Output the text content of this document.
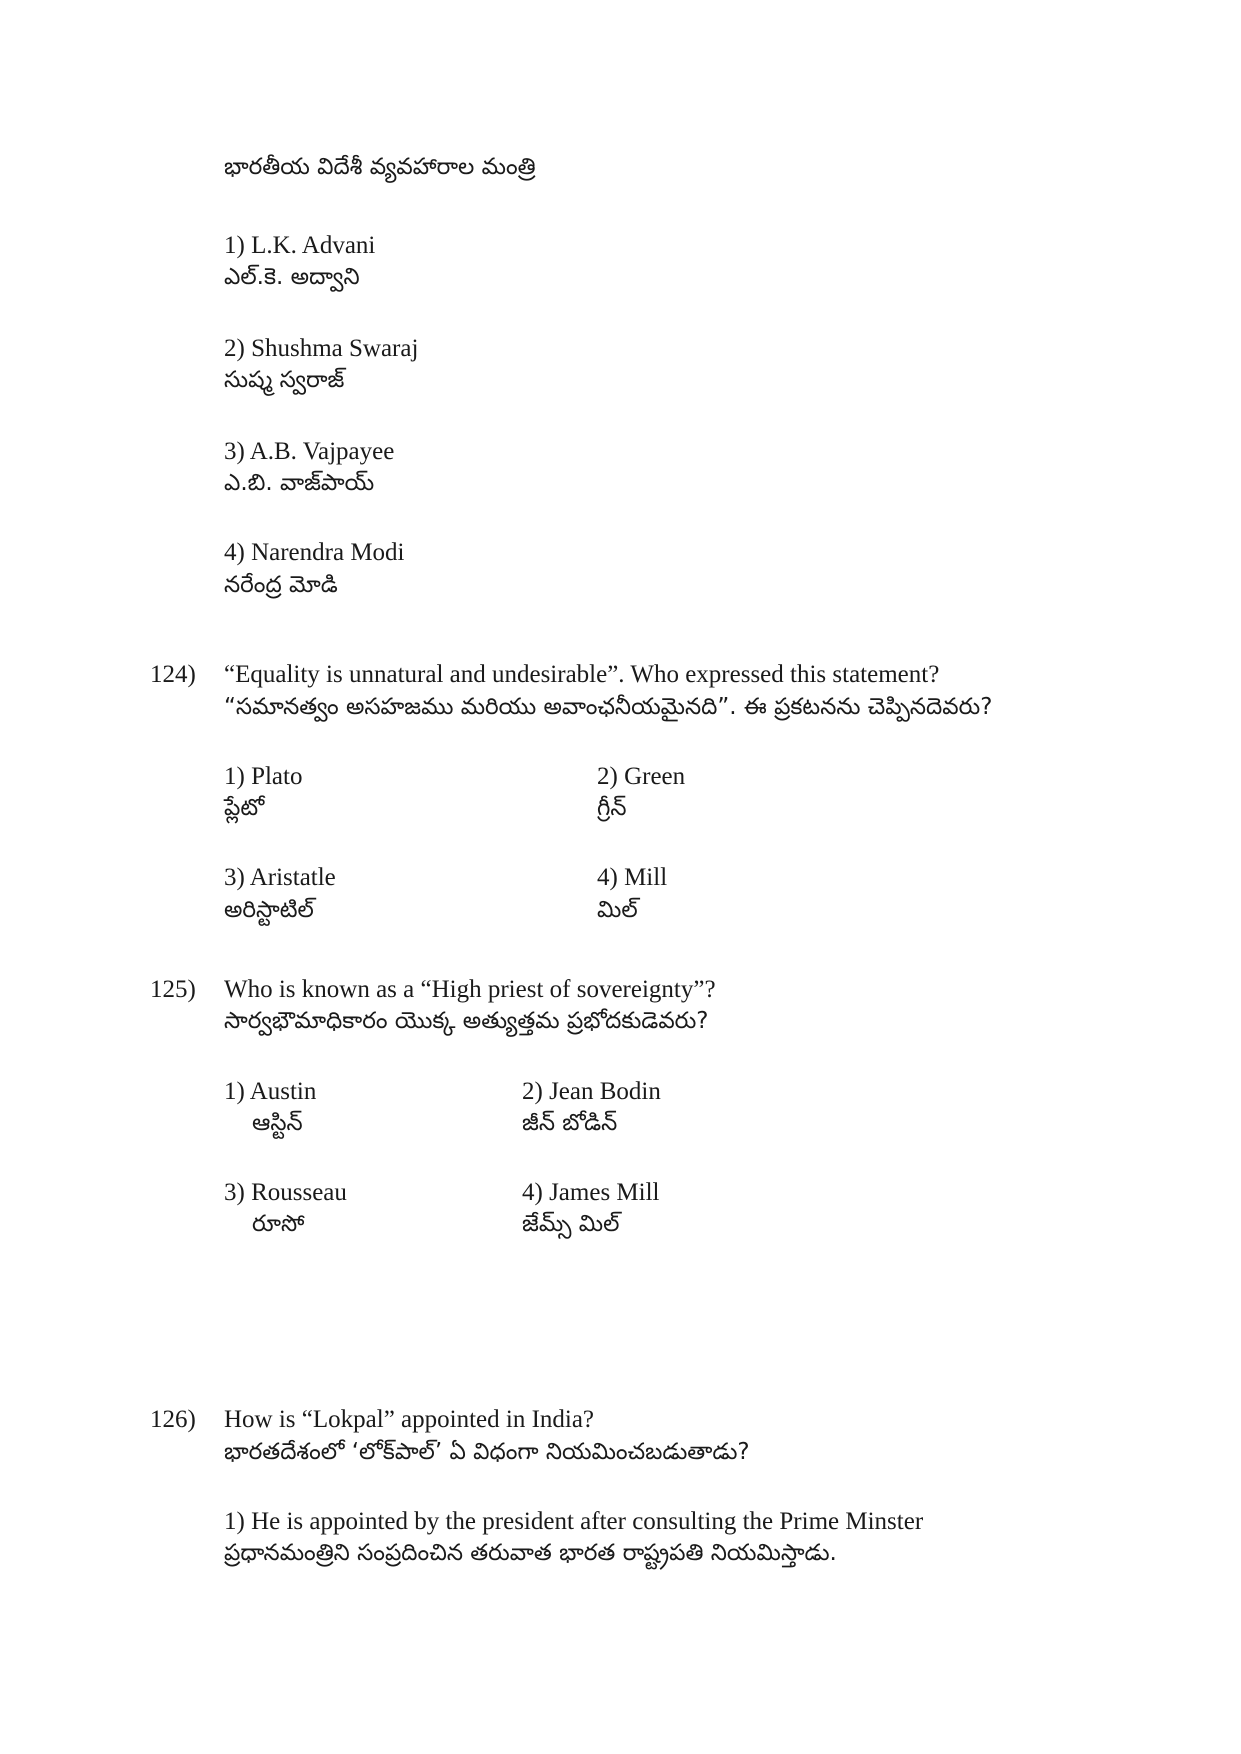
భారతీయ విదేశీ వ్యవహారాల మంత్రి
1) L.K. Advani
ఎల్.కె. అద్వాని
2) Shushma Swaraj
సుష్మ స్వరాజ్
3) A.B. Vajpayee
ఎ.బి. వాజ్‌పాయ్
4) Narendra Modi
నరేంద్ర మోడి
124) “Equality is unnatural and undesirable”. Who expressed this statement?
“సమానత్వం అసహజము మరియు అవాంఛనీయమైనది”. ఈ ప్రకటనను చెప్పినదెవరు?
1) Plato
ప్లేటో
2) Green
గ్రీన్
3) Aristatle
అరిస్టాటిల్
4) Mill
మిల్
125) Who is known as a “High priest of sovereignty”?
సార్వభౌమాధికారం యొక్క అత్యుత్తమ ప్రభోదకుడెవరు?
1) Austin
ఆస్టిన్
2) Jean Bodin
జీన్ బోడిన్
3) Rousseau
రూసో
4) James Mill
జేమ్స్ మిల్
126) How is “Lokpal” appointed in India?
భారతదేశంలో ‘లోక్‌పాల్’ ఏ విధంగా నియమించబడుతాడు?
1) He is appointed by the president after consulting the Prime Minster
ప్రధానమంత్రిని సంప్రదించిన తరువాత భారత రాష్ట్రపతి నియమిస్తాడు.
